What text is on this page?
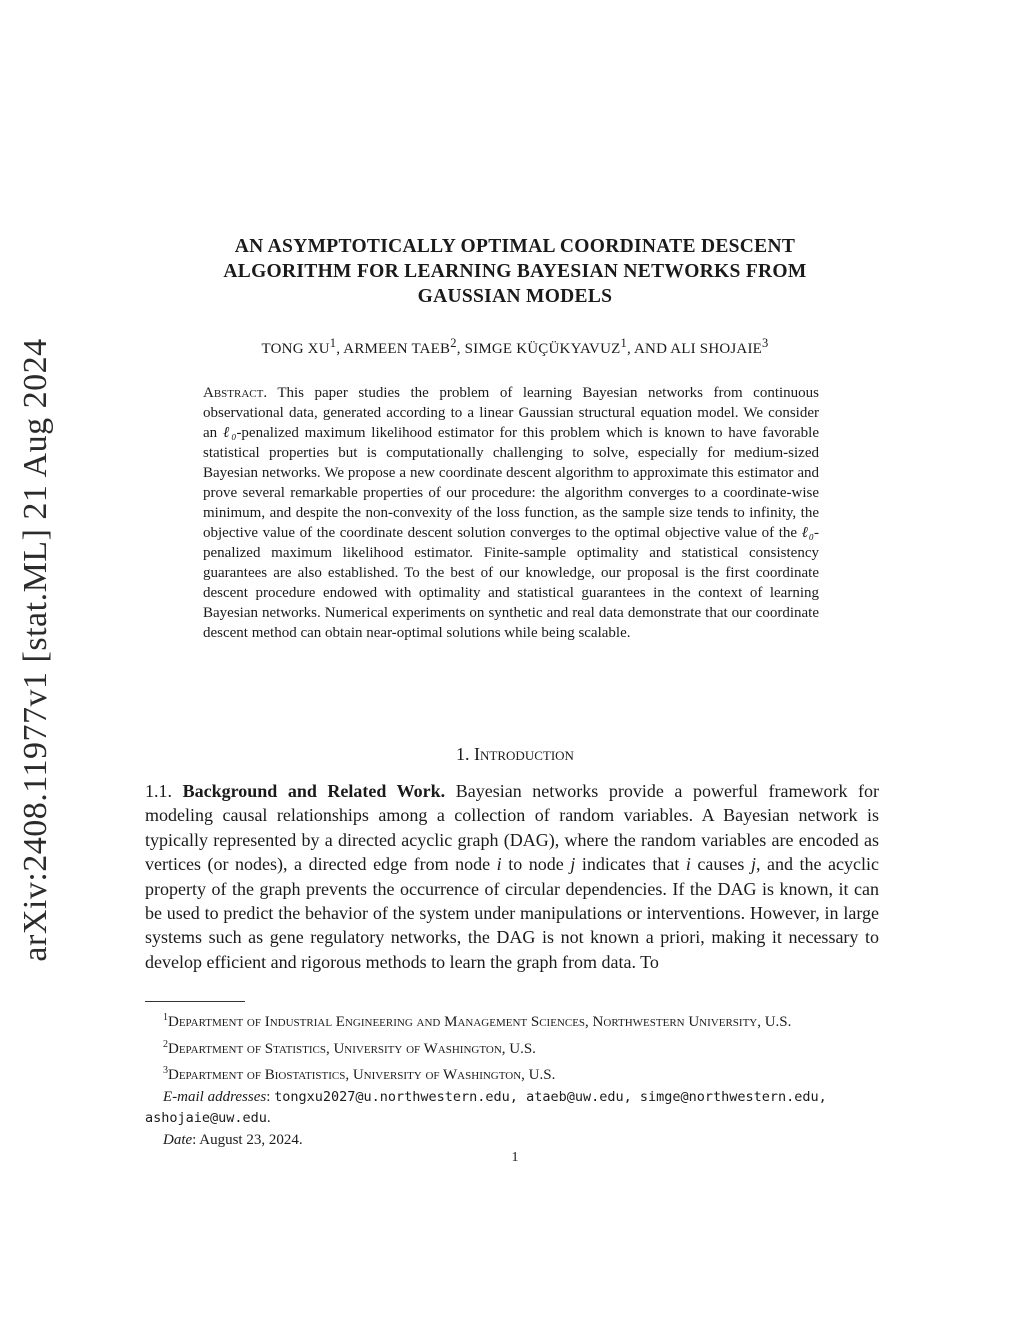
arXiv:2408.11977v1 [stat.ML] 21 Aug 2024
AN ASYMPTOTICALLY OPTIMAL COORDINATE DESCENT
ALGORITHM FOR LEARNING BAYESIAN NETWORKS FROM
GAUSSIAN MODELS
TONG $XU^1$, ARMEEN TAEB$^2$, SIMGE KÜÇÜKYAVUZ$^1$, AND ALI SHOJAIE$^3$
Abstract. This paper studies the problem of learning Bayesian networks from continuous observational data, generated according to a linear Gaussian structural equation model. We consider an ℓ₀-penalized maximum likelihood estimator for this problem which is known to have favorable statistical properties but is computationally challenging to solve, especially for medium-sized Bayesian networks. We propose a new coordinate descent algorithm to approximate this estimator and prove several remarkable properties of our procedure: the algorithm converges to a coordinate-wise minimum, and despite the non-convexity of the loss function, as the sample size tends to infinity, the objective value of the coordinate descent solution converges to the optimal objective value of the ℓ₀-penalized maximum likelihood estimator. Finite-sample optimality and statistical consistency guarantees are also established. To the best of our knowledge, our proposal is the first coordinate descent procedure endowed with optimality and statistical guarantees in the context of learning Bayesian networks. Numerical experiments on synthetic and real data demonstrate that our coordinate descent method can obtain near-optimal solutions while being scalable.
1. Introduction
1.1. Background and Related Work. Bayesian networks provide a powerful framework for modeling causal relationships among a collection of random variables. A Bayesian network is typically represented by a directed acyclic graph (DAG), where the random variables are encoded as vertices (or nodes), a directed edge from node i to node j indicates that i causes j, and the acyclic property of the graph prevents the occurrence of circular dependencies. If the DAG is known, it can be used to predict the behavior of the system under manipulations or interventions. However, in large systems such as gene regulatory networks, the DAG is not known a priori, making it necessary to develop efficient and rigorous methods to learn the graph from data. To
$^1$Department of Industrial Engineering and Management Sciences, Northwestern University, U.S.
$^2$Department of Statistics, University of Washington, U.S.
$^3$Department of Biostatistics, University of Washington, U.S.
E-mail addresses: tongxu2027@u.northwestern.edu, ataeb@uw.edu, simge@northwestern.edu, ashojaie@uw.edu.
Date: August 23, 2024.
1
